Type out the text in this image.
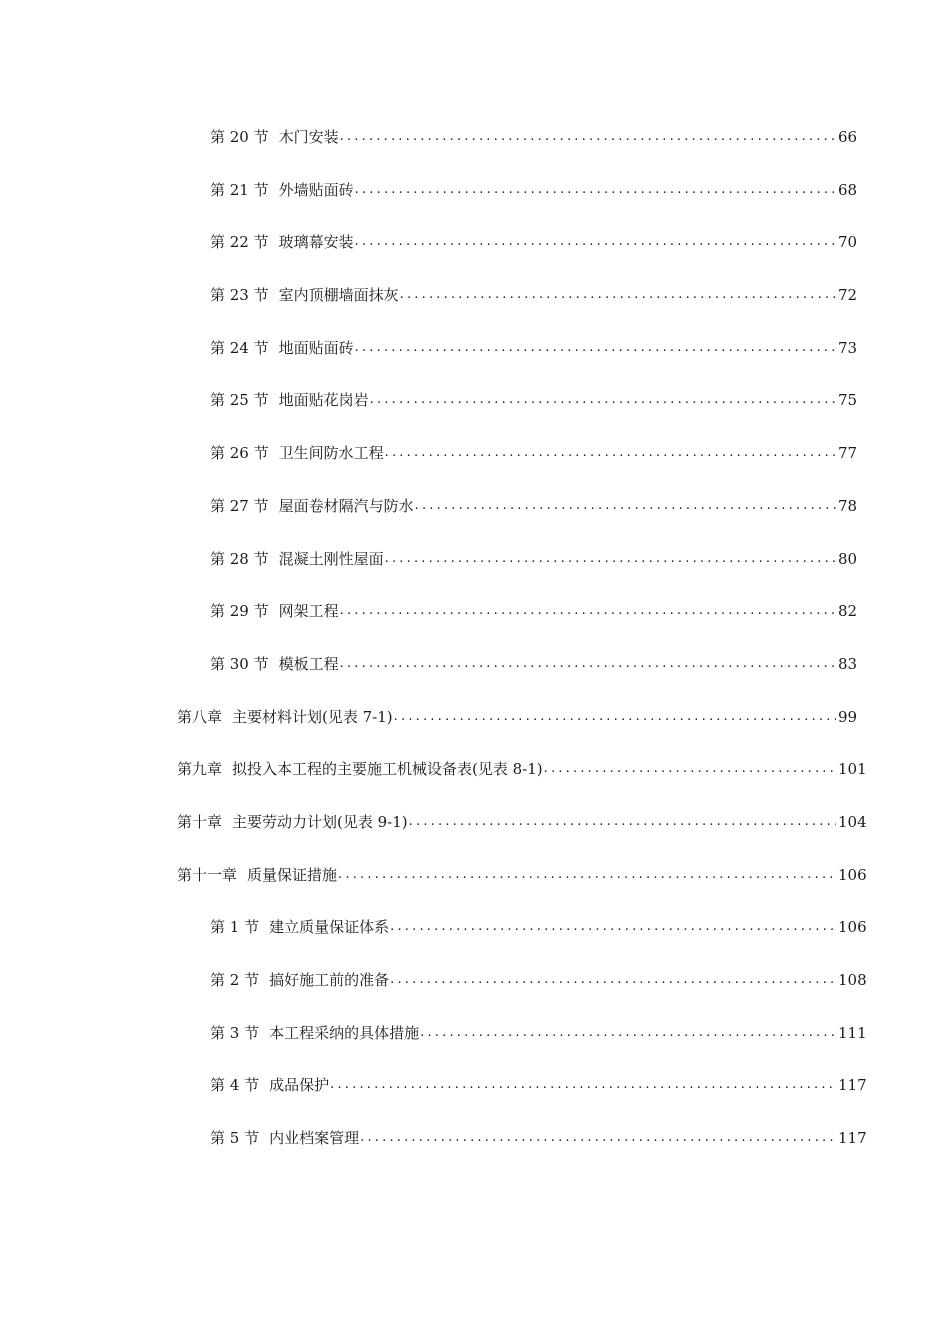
第 20 节 木门安装 .....	66
第 21 节 外墙贴面砖 .....	68
第 22 节 玻璃幕安装 .....	70
第 23 节 室内顶棚墙面抹灰 .....	72
第 24 节 地面贴面砖 .....	73
第 25 节 地面贴花岗岩 .....	75
第 26 节 卫生间防水工程 .....	77
第 27 节 屋面卷材隔汽与防水 .....	78
第 28 节 混凝土刚性屋面 .....	80
第 29 节 网架工程 .....	82
第 30 节 模板工程 .....	83
第八章 主要材料计划(见表 7-1) .....	99
第九章 拟投入本工程的主要施工机械设备表(见表 8-1) .....	101
第十章 主要劳动力计划(见表 9-1) .....	104
第十一章 质量保证措施 .....	106
第 1 节 建立质量保证体系 .....	106
第 2 节 搞好施工前的准备 .....	108
第 3 节 本工程采纳的具体措施 .....	111
第 4 节 成品保护 .....	117
第 5 节 内业档案管理 .....	117
